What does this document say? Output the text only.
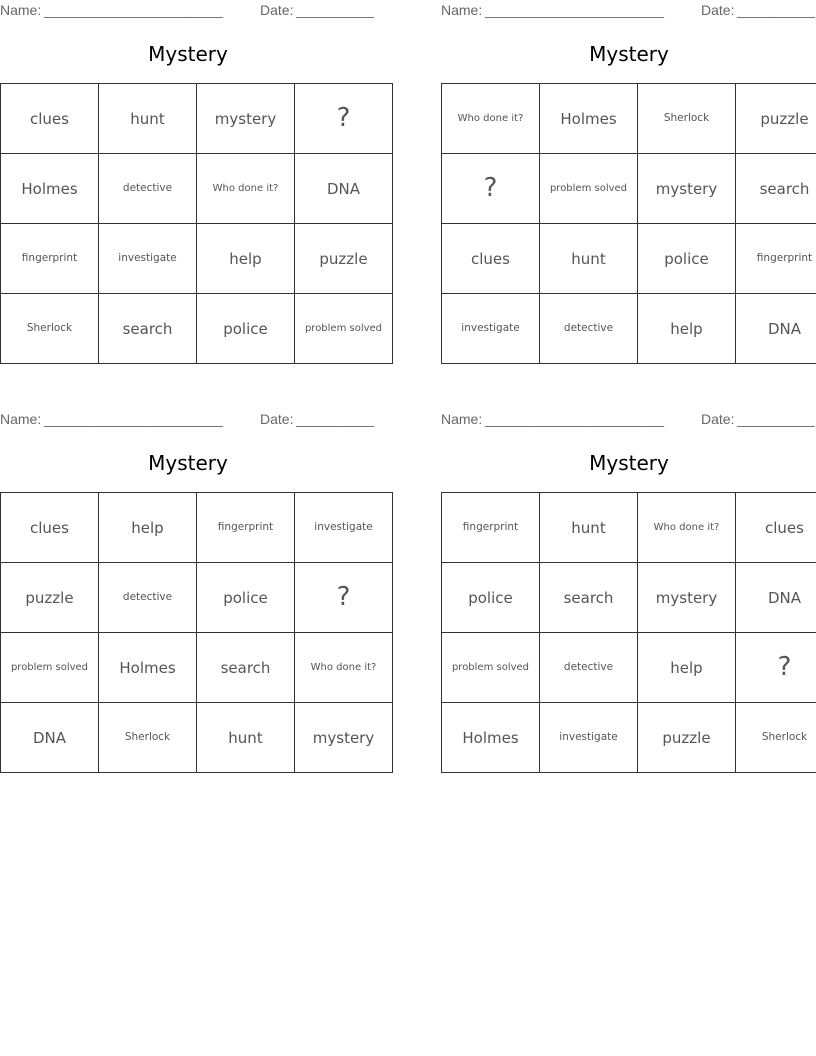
Name: _______________________	Date: __________
Mystery
clues	hunt	mystery	?
Holmes	detective	Who done it?	DNA
fingerprint	investigate	help	puzzle
Sherlock	search	police	problem solved
Name: _______________________	Date: __________
Mystery
Who done it?	Holmes	Sherlock	puzzle
?	problem solved	mystery	search
clues	hunt	police	fingerprint
investigate	detective	help	DNA
Name: _______________________	Date: __________
Mystery
clues	help	fingerprint	investigate
puzzle	detective	police	?
problem solved	Holmes	search	Who done it?
DNA	Sherlock	hunt	mystery
Name: _______________________	Date: __________
Mystery
fingerprint	hunt	Who done it?	clues
police	search	mystery	DNA
problem solved	detective	help	?
Holmes	investigate	puzzle	Sherlock
